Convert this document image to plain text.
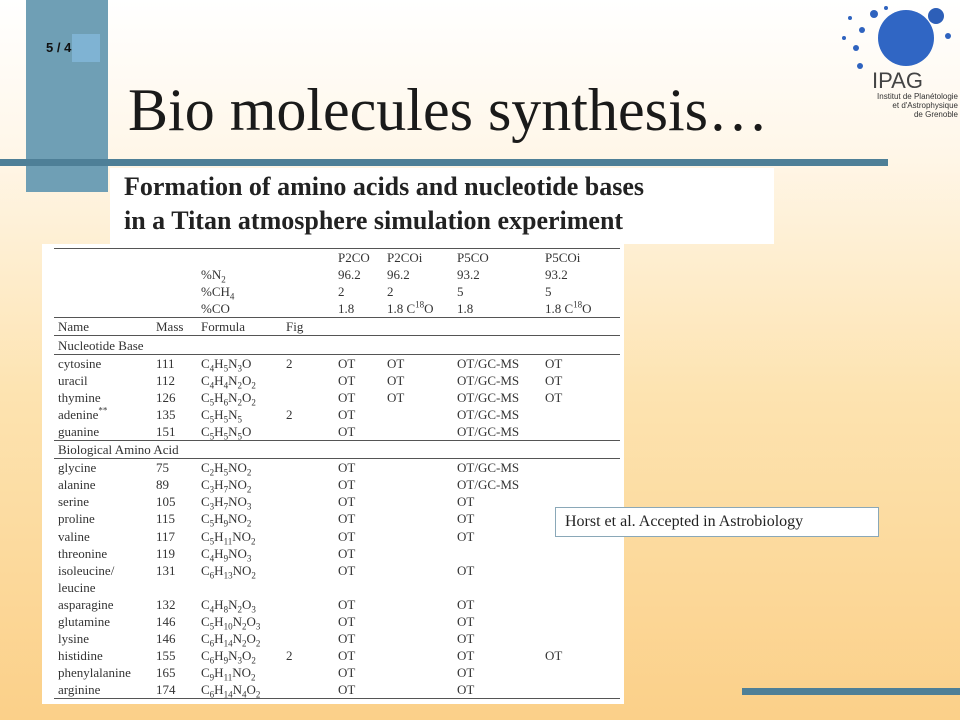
5 / 4
Bio molecules synthesis…	IPAG
Institut de Planétologie
et d'Astrophysique
de Grenoble
Formation of amino acids and nucleotide bases
in a Titan atmosphere simulation experiment
				P2CO	P2COi	P5CO	P5COi
		$\%N_2$		96.2	96.2	93.2	93.2
		$\%CH_4$		2	2	5	5
		%CO		1.8	1.8 $C^{18}O$	1.8	1.8 $C^{18}O$
Name	Mass	Formula	Fig				
Nucleotide Base							
cytosine	111	$C_4H_5N_3O$	2	OT	OT	OT/GC-MS	OT
uracil	112	$C_4H_4N_2O_2$		OT	OT	OT/GC-MS	OT
thymine	126	$C_5H_6N_2O_2$		OT	OT	OT/GC-MS	OT
adenine**	135	$C_5H_5N_5$	2	OT		OT/GC-MS	
guanine	151	$C_5H_5N_5O$		OT		OT/GC-MS	
Biological Amino Acid							
glycine	75	$C_2H_5NO_2$		OT		OT/GC-MS	
alanine	89	$C_3H_7NO_2$		OT		OT/GC-MS	
serine	105	$C_3H_7NO_3$		OT		OT	
proline	115	$C_5H_9NO_2$		OT		OT	
valine	117	$C_5H_{11}NO_2$		OT		OT	
threonine	119	$C_4H_9NO_3$		OT			
isoleucine/	131	$C_6H_{13}NO_2$		OT		OT	
leucine							
asparagine	132	$C_4H_8N_2O_3$		OT		OT	
glutamine	146	$C_5H_{10}N_2O_3$		OT		OT	
lysine	146	$C_6H_{14}N_2O_2$		OT		OT	
histidine	155	$C_6H_9N_3O_2$	2	OT		OT	OT
phenylalanine	165	$C_9H_{11}NO_2$		OT		OT	
arginine	174	$C_6H_{14}N_4O_2$		OT		OT	
Horst et al. Accepted in Astrobiology
